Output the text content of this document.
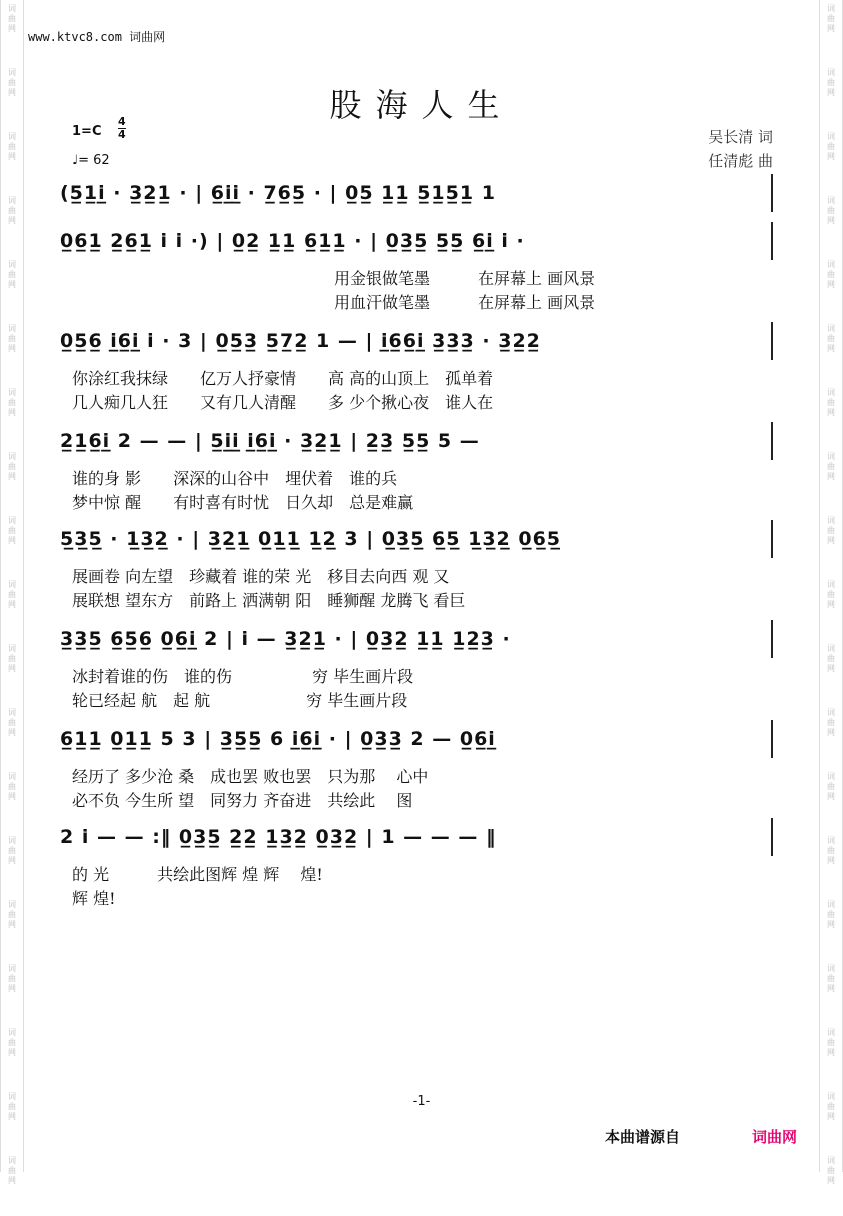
词
曲
网
词
曲
网
词
曲
网
词
曲
网
词
曲
网
词
曲
网
词
曲
网
词
曲
网
词
曲
网
词
曲
网
词
曲
网
词
曲
网
词
曲
网
词
曲
网
词
曲
网
词
曲
网
词
曲
网
词
曲
网
词
曲
网
词
曲
网
词
曲
网
词
曲
网
词
曲
网
词
曲
网
词
曲
网
词
曲
网
词
曲
网
词
曲
网
词
曲
网
词
曲
网
词
曲
网
词
曲
网
词
曲
网
词
曲
网
词
曲
网
词
曲
网
词
曲
网
词
曲
网
www.ktvc8.com 词曲网
股海人生
1=C
4
4
♩= 62
吴长清 词
任清彪 曲
(5̲1̲i̲ · 3̲2̲1̲ · | 6̲i̲i̲ · 7̲6̲5̲ · | 0̲5̲ 1̲1̲ 5̲1̲5̲1̲ 1
0̲6̲1̲ 2̲6̲1̲ i i ·) | 0̲2̲ 1̲1̲ 6̲1̲1̲ · | 0̲3̲5̲ 5̲5̲ 6̲i̲ i ·
用金银做笔墨　　　在屏幕上 画风景
用血汗做笔墨　　　在屏幕上 画风景
0̲5̲6̲ i̲6̲i̲ i · 3 | 0̲5̲3̲ 5̲7̲2̲ 1 — | i̲6̲6̲i̲ 3̲3̲3̲ · 3̲2̲2̲
你涂红我抹绿　　亿万人抒豪情　　高 高的山顶上　孤单着
几人痴几人狂　　又有几人清醒　　多 少个揪心夜　谁人在
2̲1̲6̲i̲ 2 — — | 5̲i̲i̲ i̲6̲i̲ · 3̲2̲1̲ | 2̲3̲ 5̲5̲ 5 —
谁的身 影　　深深的山谷中　埋伏着　谁的兵
梦中惊 醒　　有时喜有时忧　日久却　总是难赢
5̲3̲5̲ · 1̲3̲2̲ · | 3̲2̲1̲ 0̲1̲1̲ 1̲2̲ 3 | 0̲3̲5̲ 6̲5̲ 1̲3̲2̲ 0̲6̲5̲
展画卷 向左望　珍藏着 谁的荣 光　移目去向西 观 又
展联想 望东方　前路上 洒满朝 阳　睡狮醒 龙腾飞 看巨
3̲3̲5̲ 6̲5̲6̲ 0̲6̲i̲ 2 | i — 3̲2̲1̲ · | 0̲3̲2̲ 1̲1̲ 1̲2̲3̲ ·
冰封着谁的伤　谁的伤　　　　　穷 毕生画片段
轮已经起 航　起 航　　　　　　穷 毕生画片段
6̲1̲1̲ 0̲1̲1̲ 5 3 | 3̲5̲5̲ 6 i̲6̲i̲ · | 0̲3̲3̲ 2 — 0̲6̲i̲
经历了 多少沧 桑　成也罢 败也罢　只为那　 心中
必不负 今生所 望　同努力 齐奋进　共绘此　 图
2 i — — :‖ 0̲3̲5̲ 2̲2̲ 1̲3̲2̲ 0̲3̲2̲ | 1 — — — ‖
的 光　　　共绘此图辉 煌 辉　 煌!
辉 煌!
-1-
本曲谱源自	词曲网
